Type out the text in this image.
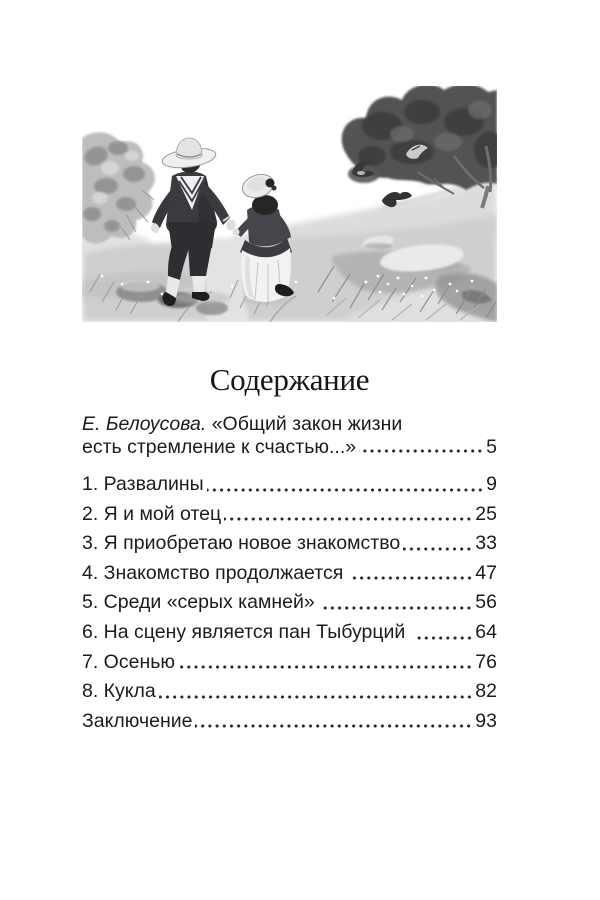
Содержание
Е. Белоусова. «Общий закон жизни
есть стремление к счастью...»	5
1. Развалины	9
2. Я и мой отец	25
3. Я приобретаю новое знакомство	33
4. Знакомство продолжается	47
5. Среди «серых камней»	56
6. На сцену является пан Тыбурций	64
7. Осенью	76
8. Кукла	82
Заключение	93
